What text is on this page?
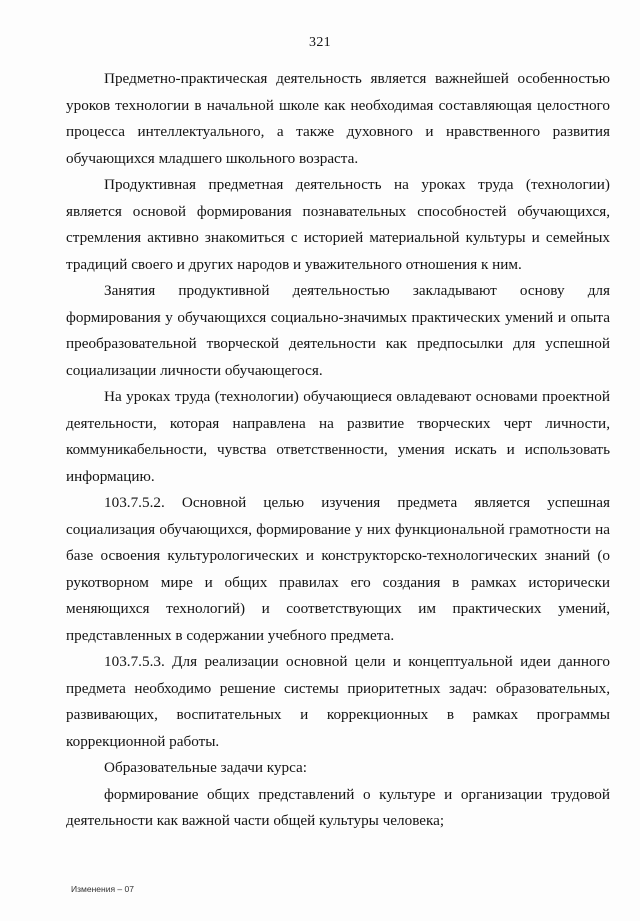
321

Предметно-практическая деятельность является важнейшей особенностью уроков технологии в начальной школе как необходимая составляющая целостного процесса интеллектуального, а также духовного и нравственного развития обучающихся младшего школьного возраста.

Продуктивная предметная деятельность на уроках труда (технологии) является основой формирования познавательных способностей обучающихся, стремления активно знакомиться с историей материальной культуры и семейных традиций своего и других народов и уважительного отношения к ним.

Занятия продуктивной деятельностью закладывают основу для формирования у обучающихся социально-значимых практических умений и опыта преобразовательной творческой деятельности как предпосылки для успешной социализации личности обучающегося.

На уроках труда (технологии) обучающиеся овладевают основами проектной деятельности, которая направлена на развитие творческих черт личности, коммуникабельности, чувства ответственности, умения искать и использовать информацию.

103.7.5.2. Основной целью изучения предмета является успешная социализация обучающихся, формирование у них функциональной грамотности на базе освоения культурологических и конструкторско-технологических знаний (о рукотворном мире и общих правилах его создания в рамках исторически меняющихся технологий) и соответствующих им практических умений, представленных в содержании учебного предмета.

103.7.5.3. Для реализации основной цели и концептуальной идеи данного предмета необходимо решение системы приоритетных задач: образовательных, развивающих, воспитательных и коррекционных в рамках программы коррекционной работы.

Образовательные задачи курса:

формирование общих представлений о культуре и организации трудовой деятельности как важной части общей культуры человека;

Изменения – 07
